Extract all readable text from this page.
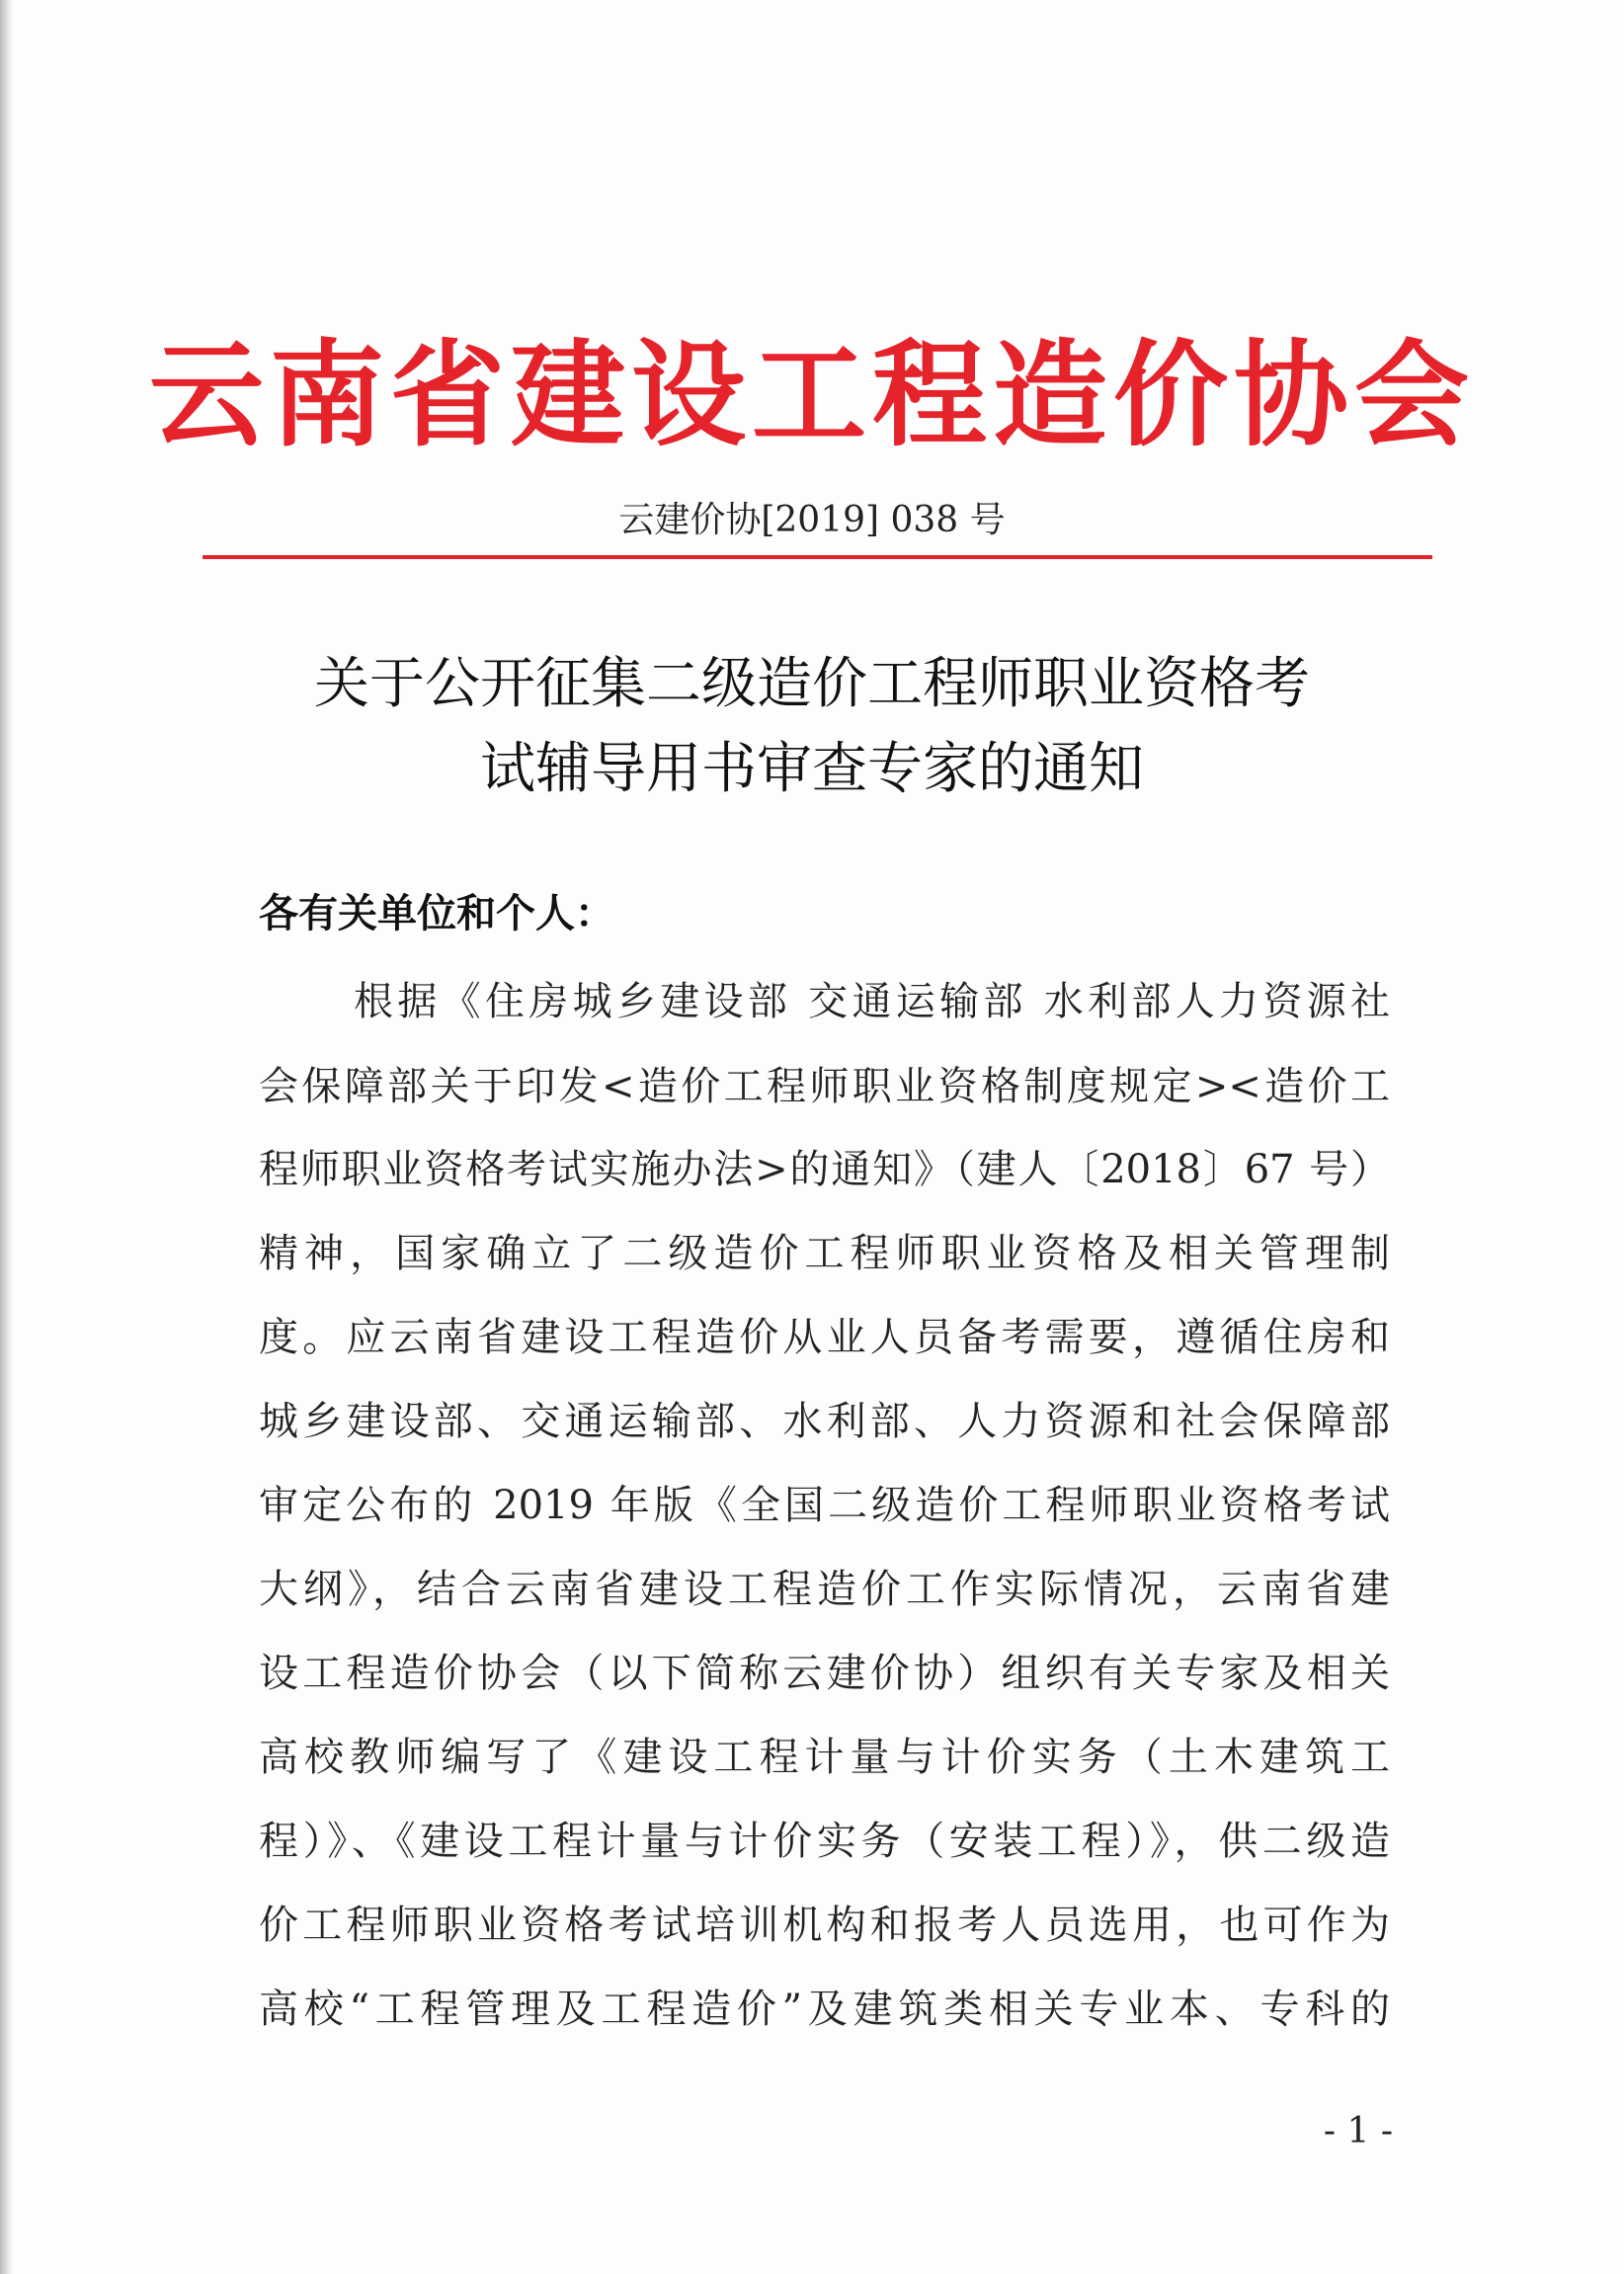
云南省建设工程造价协会
云建价协[2019] 038 号
关于公开征集二级造价工程师职业资格考
试辅导用书审查专家的通知
各有关单位和个人：
根据《住房城乡建设部 交通运输部 水利部人力资源社
会保障部关于印发<造价工程师职业资格制度规定><造价工
程师职业资格考试实施办法>的通知》（建人〔2018〕67 号）
精神，国家确立了二级造价工程师职业资格及相关管理制
度。应云南省建设工程造价从业人员备考需要，遵循住房和
城乡建设部、交通运输部、水利部、人力资源和社会保障部
审定公布的 2019 年版《全国二级造价工程师职业资格考试
大纲》，结合云南省建设工程造价工作实际情况，云南省建
设工程造价协会（以下简称云建价协）组织有关专家及相关
高校教师编写了《建设工程计量与计价实务（土木建筑工
程）》、《建设工程计量与计价实务（安装工程）》，供二级造
价工程师职业资格考试培训机构和报考人员选用，也可作为
高校“工程管理及工程造价”及建筑类相关专业本、专科的
- 1 -
